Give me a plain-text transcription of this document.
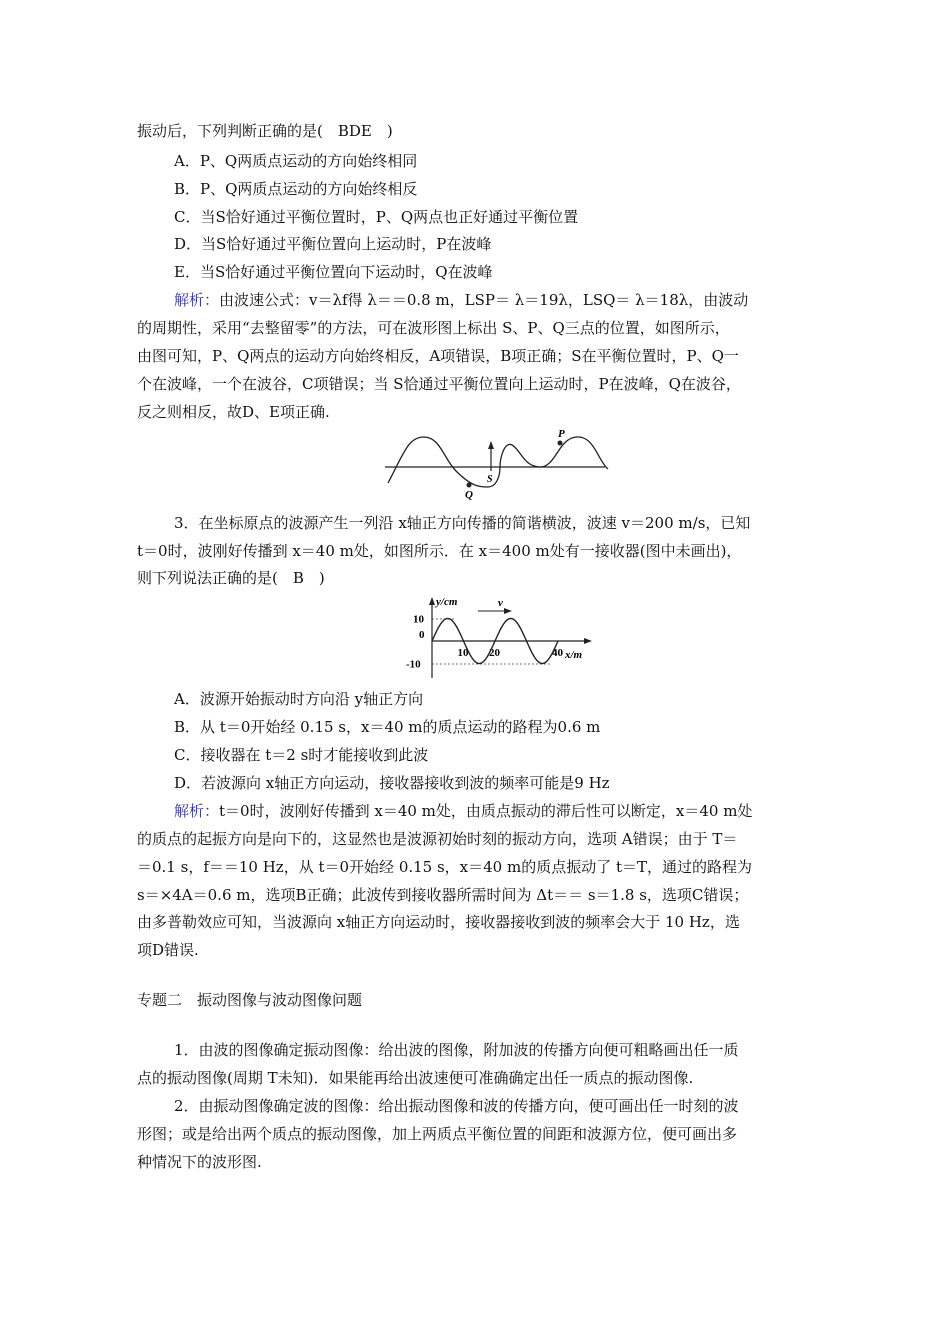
振动后，下列判断正确的是(　BDE　)
A．P、Q两质点运动的方向始终相同
B．P、Q两质点运动的方向始终相反
C．当S恰好通过平衡位置时，P、Q两点也正好通过平衡位置
D．当S恰好通过平衡位置向上运动时，P在波峰
E．当S恰好通过平衡位置向下运动时，Q在波峰
解析：由波速公式：v＝λf得 λ＝＝0.8 m，LSP＝ λ＝19λ，LSQ＝ λ＝18λ，由波动
的周期性，采用“去整留零”的方法，可在波形图上标出 S、P、Q三点的位置，如图所示，
由图可知，P、Q两点的运动方向始终相反，A项错误，B项正确；S在平衡位置时，P、Q一
个在波峰，一个在波谷，C项错误；当 S恰通过平衡位置向上运动时，P在波峰，Q在波谷，
反之则相反，故D、E项正确.
P
Q
S
3．在坐标原点的波源产生一列沿 x轴正方向传播的简谐横波，波速 v＝200 m/s，已知
t＝0时，波刚好传播到 x＝40 m处，如图所示．在 x＝400 m处有一接收器(图中未画出)，
则下列说法正确的是(　B　)
y/cm
x/m
10 20	40
10
0
-10
v
A．波源开始振动时方向沿 y轴正方向
B．从 t＝0开始经 0.15 s，x＝40 m的质点运动的路程为0.6 m
C．接收器在 t＝2 s时才能接收到此波
D．若波源向 x轴正方向运动，接收器接收到波的频率可能是9 Hz
解析：t＝0时，波刚好传播到 x＝40 m处，由质点振动的滞后性可以断定，x＝40 m处
的质点的起振方向是向下的，这显然也是波源初始时刻的振动方向，选项 A错误；由于 T＝
＝0.1 s，f＝＝10 Hz，从 t＝0开始经 0.15 s，x＝40 m的质点振动了 t＝T，通过的路程为
s＝×4A＝0.6 m，选项B正确；此波传到接收器所需时间为 Δt＝＝ s＝1.8 s，选项C错误；
由多普勒效应可知，当波源向 x轴正方向运动时，接收器接收到波的频率会大于 10 Hz，选
项D错误.
专题二　振动图像与波动图像问题
1．由波的图像确定振动图像：给出波的图像，附加波的传播方向便可粗略画出任一质
点的振动图像(周期 T未知)．如果能再给出波速便可准确确定出任一质点的振动图像.
2．由振动图像确定波的图像：给出振动图像和波的传播方向，便可画出任一时刻的波
形图；或是给出两个质点的振动图像，加上两质点平衡位置的间距和波源方位，便可画出多
种情况下的波形图.
